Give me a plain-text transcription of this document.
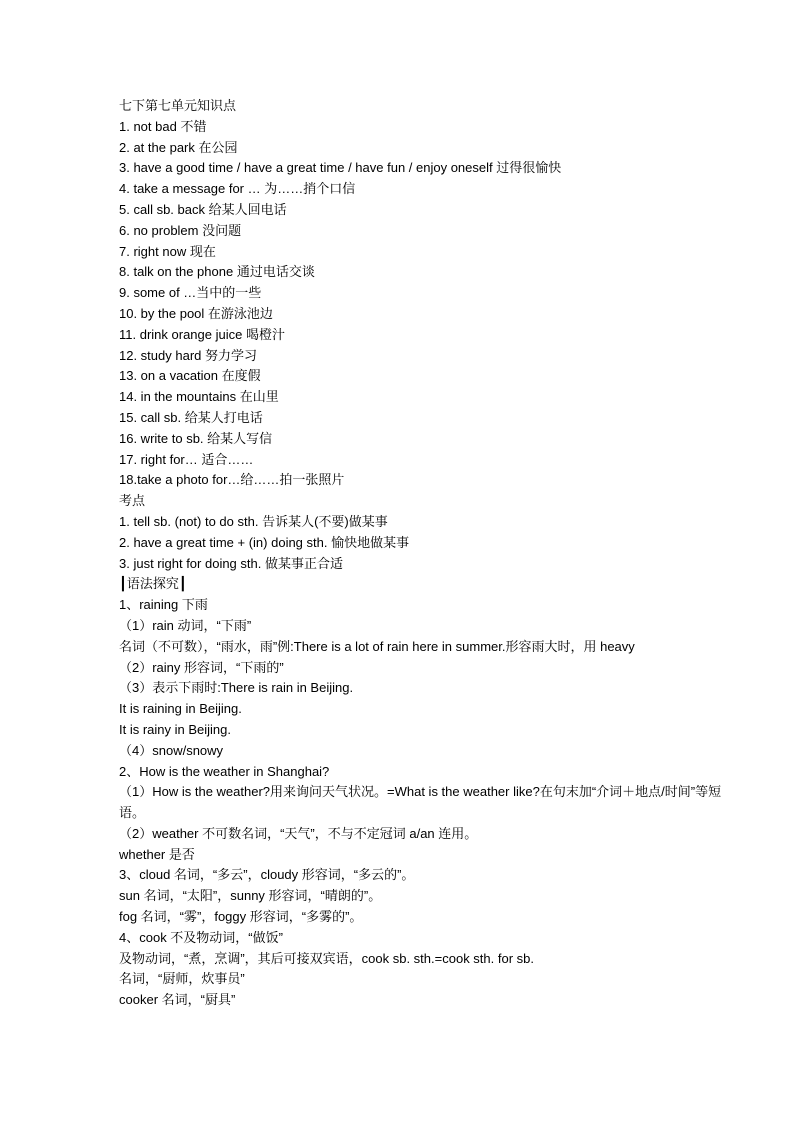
七下第七单元知识点
1. not bad 不错
2. at the park 在公园
3. have a good time / have a great time / have fun / enjoy oneself 过得很愉快
4. take a message for … 为……捎个口信
5. call sb. back 给某人回电话
6. no problem 没问题
7. right now 现在
8. talk on the phone 通过电话交谈
9. some of …当中的一些
10. by the pool 在游泳池边
11. drink orange juice 喝橙汁
12. study hard 努力学习
13. on a vacation 在度假
14. in the mountains 在山里
15. call sb. 给某人打电话
16. write to sb. 给某人写信
17. right for… 适合……
18.take a photo for…给……拍一张照片
考点
1. tell sb. (not) to do sth. 告诉某人(不要)做某事
2. have a great time + (in) doing sth. 愉快地做某事
3. just right for doing sth. 做某事正合适
┃语法探究┃
1、raining 下雨
（1）rain 动词，“下雨”
名词（不可数），“雨水，雨”例:There is a lot of rain here in summer.形容雨大时，用 heavy
（2）rainy 形容词，“下雨的”
（3）表示下雨时:There is rain in Beijing.
It is raining in Beijing.
It is rainy in Beijing.
（4）snow/snowy
2、How is the weather in Shanghai?
（1）How is the weather?用来询问天气状况。=What is the weather like?在句末加“介词＋地点/时间”等短语。
（2）weather 不可数名词，“天气”，不与不定冠词 a/an 连用。
whether 是否
3、cloud 名词，“多云”，cloudy 形容词，“多云的”。
sun 名词，“太阳”，sunny 形容词，“晴朗的”。
fog 名词，“雾”，foggy 形容词，“多雾的”。
4、cook 不及物动词，“做饭”
及物动词，“煮，烹调”，其后可接双宾语，cook sb. sth.=cook sth. for sb.
名词，“厨师，炊事员”
cooker 名词，“厨具”
